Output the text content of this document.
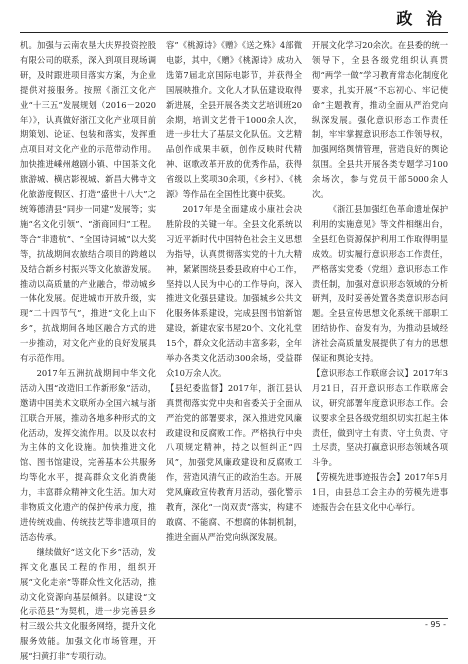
政 治

机。加强与云南农垦大庆界投资控股有限公司的联系，深入到项目现场调研，及时跟进项目落实方案，为企业提供对接服务。按照《浙江文化产业“十三五”发展规划（2016－2020年）》，认真做好浙江文化产业项目前期策划、论证、包装和落实，发挥重点项目对文化产业的示范带动作用。加快推进嵊州越剧小镇、中国茶文化旅游城、横店影视城、新昌大佛寺文化旅游度假区、打造“盛世十八大”之统筹德清县“同步一同建”发展等；实施“名文化引领”、“浙商回归”工程。等合“非遗杭”、“全国诗词城”以大奖等，抗战期间农旅结合项目的跨越以及结合新乡村振兴等文化旅游发展。推动以高质量的产业融合，带动城乡一体化发展。促进城市开放升级，实现“二十四节气”，推进“文化上山下乡”，抗战期间各地区融合方式的进一步推动，对文化产业的良好发展具有示范作用。

2017年五洲抗战期间中华文化活动入围“改造旧工作新形象”活动，邀请中国美术文联所办全国六城与浙江联合开展，推动各地多种形式的文化活动，发挥交流作用。以及以农村为主体的文化设施。加快推进文化馆、图书馆建设，完善基本公共服务均等化水平，提高群众文化消费能力，丰富群众精神文化生活。加大对非物质文化遗产的保护传承力度，推进传统戏曲、传统技艺等非遗项目的活态传承。

继续做好“送文化下乡”活动，发挥文化惠民工程的作用，组织开展“文化走亲”等群众性文化活动，推动文化资源向基层倾斜。以建设“文化示范县”为契机，进一步完善县乡村三级公共文化服务网络，提升文化服务效能。加强文化市场管理，开展“扫黄打非”专项行动。

容”《桃源诗》《赠》《送之殊》4部微电影，其中，《赠》《桃源诗》成功入选第7届北京国际电影节，并获得全国展映推介。文化人才队伍建设取得新进展，全县开展各类文艺培训班20余期，培训文艺骨干1000余人次，进一步壮大了基层文化队伍。文艺精品创作成果丰硕，创作反映时代精神、讴歌改革开放的优秀作品，获得省级以上奖项30余项，《乡村》、《桃源》等作品在全国性比赛中获奖。

2017年是全面建成小康社会决胜阶段的关键一年。全县文化系统以习近平新时代中国特色社会主义思想为指导，认真贯彻落实党的十九大精神，紧紧围绕县委县政府中心工作，坚持以人民为中心的工作导向，深入推进文化强县建设。加强城乡公共文化服务体系建设，完成县图书馆新馆建设，新建农家书屋20个、文化礼堂15个，群众文化活动丰富多彩，全年举办各类文化活动300余场，受益群众10万余人次。

【县纪委监督】2017年，浙江县认真贯彻落实党中央和省委关于全面从严治党的部署要求，深入推进党风廉政建设和反腐败工作。严格执行中央八项规定精神，持之以恒纠正“四风”，加强党风廉政建设和反腐败工作，营造风清气正的政治生态。开展党风廉政宣传教育月活动，强化警示教育，深化“一岗双责”落实，构建不敢腐、不能腐、不想腐的体制机制，推进全面从严治党向纵深发展。

开展文化学习20余次。在县委的统一领导下，全县各级党组织认真贯彻“两学一做”学习教育常态化制度化要求，扎实开展“不忘初心、牢记使命”主题教育，推动全面从严治党向纵深发展。强化意识形态工作责任制，牢牢掌握意识形态工作领导权，加强网络舆情管理，营造良好的舆论氛围。全县共开展各类专题学习100余场次，参与党员干部5000余人次。

《浙江县加强红色革命遗址保护利用的实施意见》等文件相继出台，全县红色资源保护利用工作取得明显成效。切实履行意识形态工作责任，严格落实党委（党组）意识形态工作责任制，加强对意识形态领域的分析研判，及时妥善处置各类意识形态问题。全县宣传思想文化系统干部职工团结协作、奋发有为，为推动县域经济社会高质量发展提供了有力的思想保证和舆论支持。

【意识形态工作联席会议】2017年3月21日，召开意识形态工作联席会议，研究部署年度意识形态工作。会议要求全县各级党组织切实扛起主体责任，做到守土有责、守土负责、守土尽责，坚决打赢意识形态领域各项斗争。

【劳模先进事迹报告会】2017年5月1日，由县总工会主办的劳模先进事迹报告会在县文化中心举行。

- 95 -
